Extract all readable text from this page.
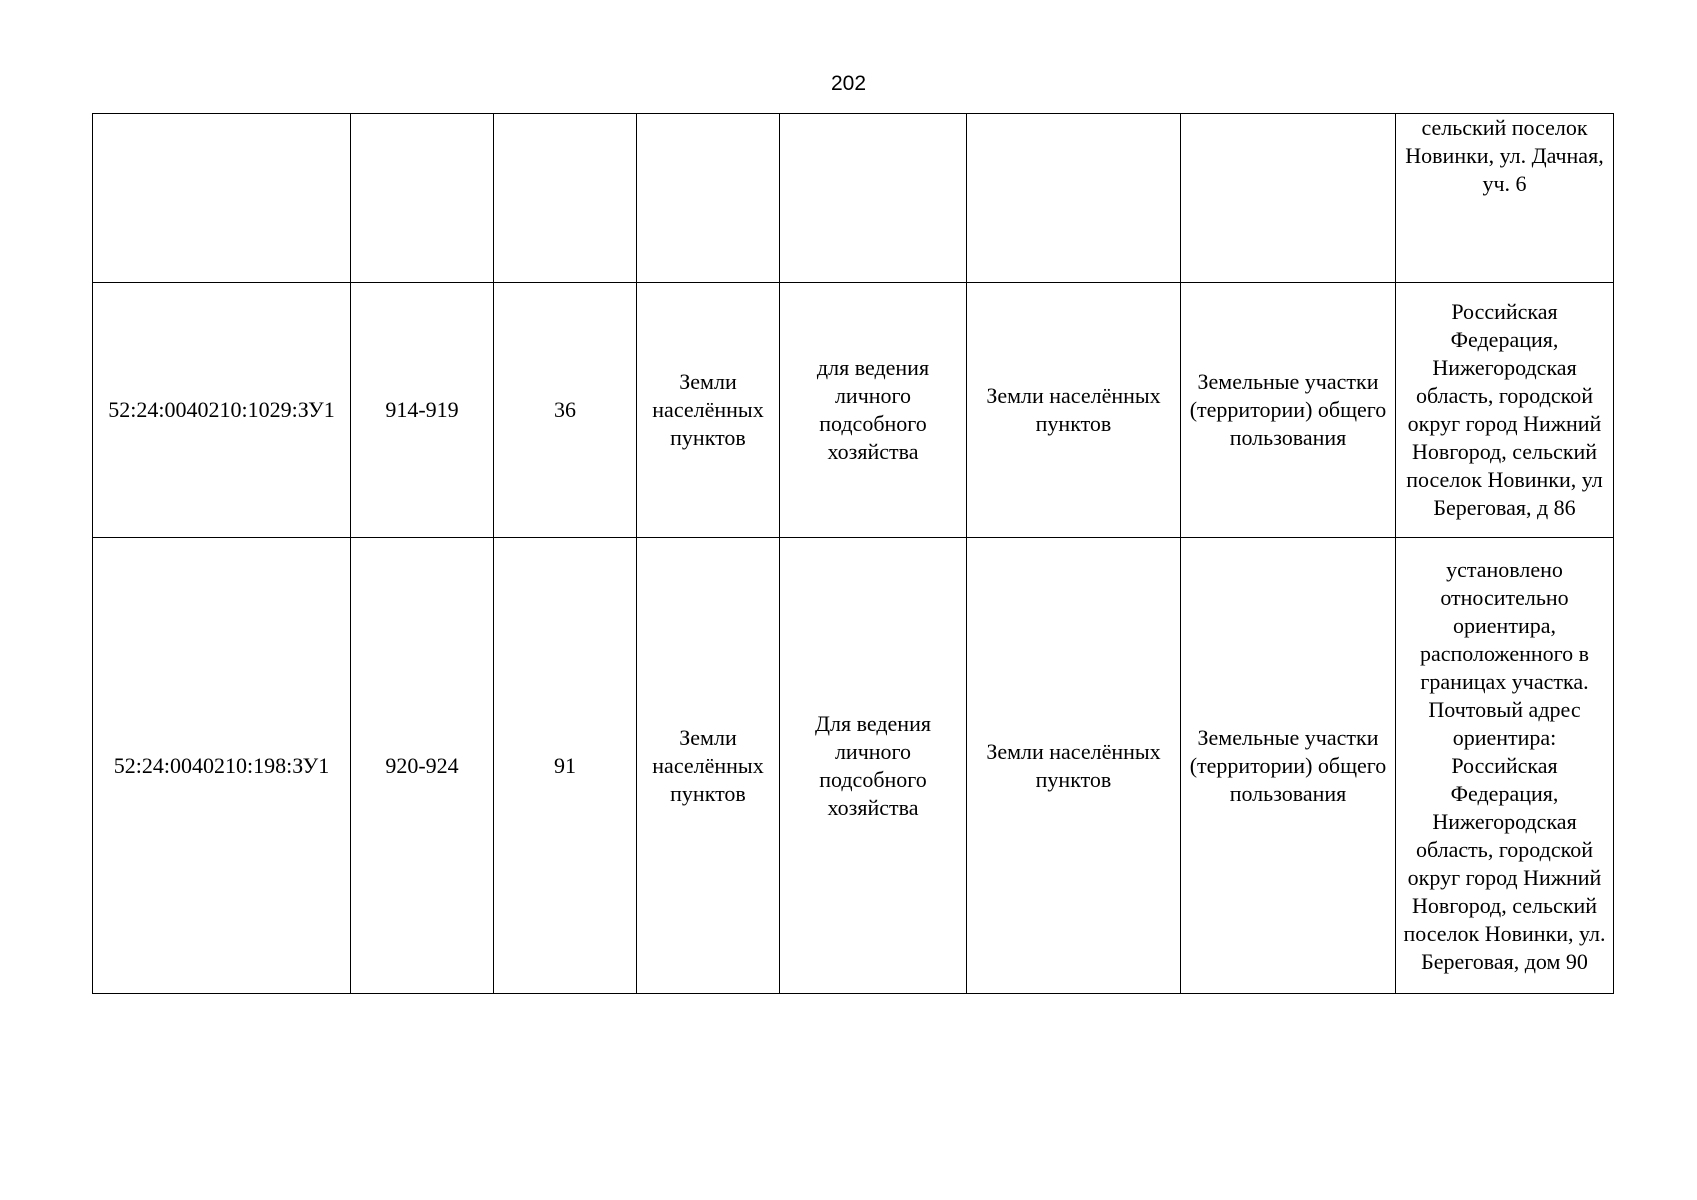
202
							сельский поселок Новинки, ул. Дачная, уч. 6
52:24:0040210:1029:ЗУ1	914-919	36	Земли населённых пунктов	для ведения личного подсобного хозяйства	Земли населённых пунктов	Земельные участки (территории) общего пользования	Российская Федерация, Нижегородская область, городской округ город Нижний Новгород, сельский поселок Новинки, ул Береговая, д 86
52:24:0040210:198:ЗУ1	920-924	91	Земли населённых пунктов	Для ведения личного подсобного хозяйства	Земли населённых пунктов	Земельные участки (территории) общего пользования	установлено относительно ориентира, расположенного в границах участка. Почтовый адрес ориентира: Российская Федерация, Нижегородская область, городской округ город Нижний Новгород, сельский поселок Новинки, ул. Береговая, дом 90
